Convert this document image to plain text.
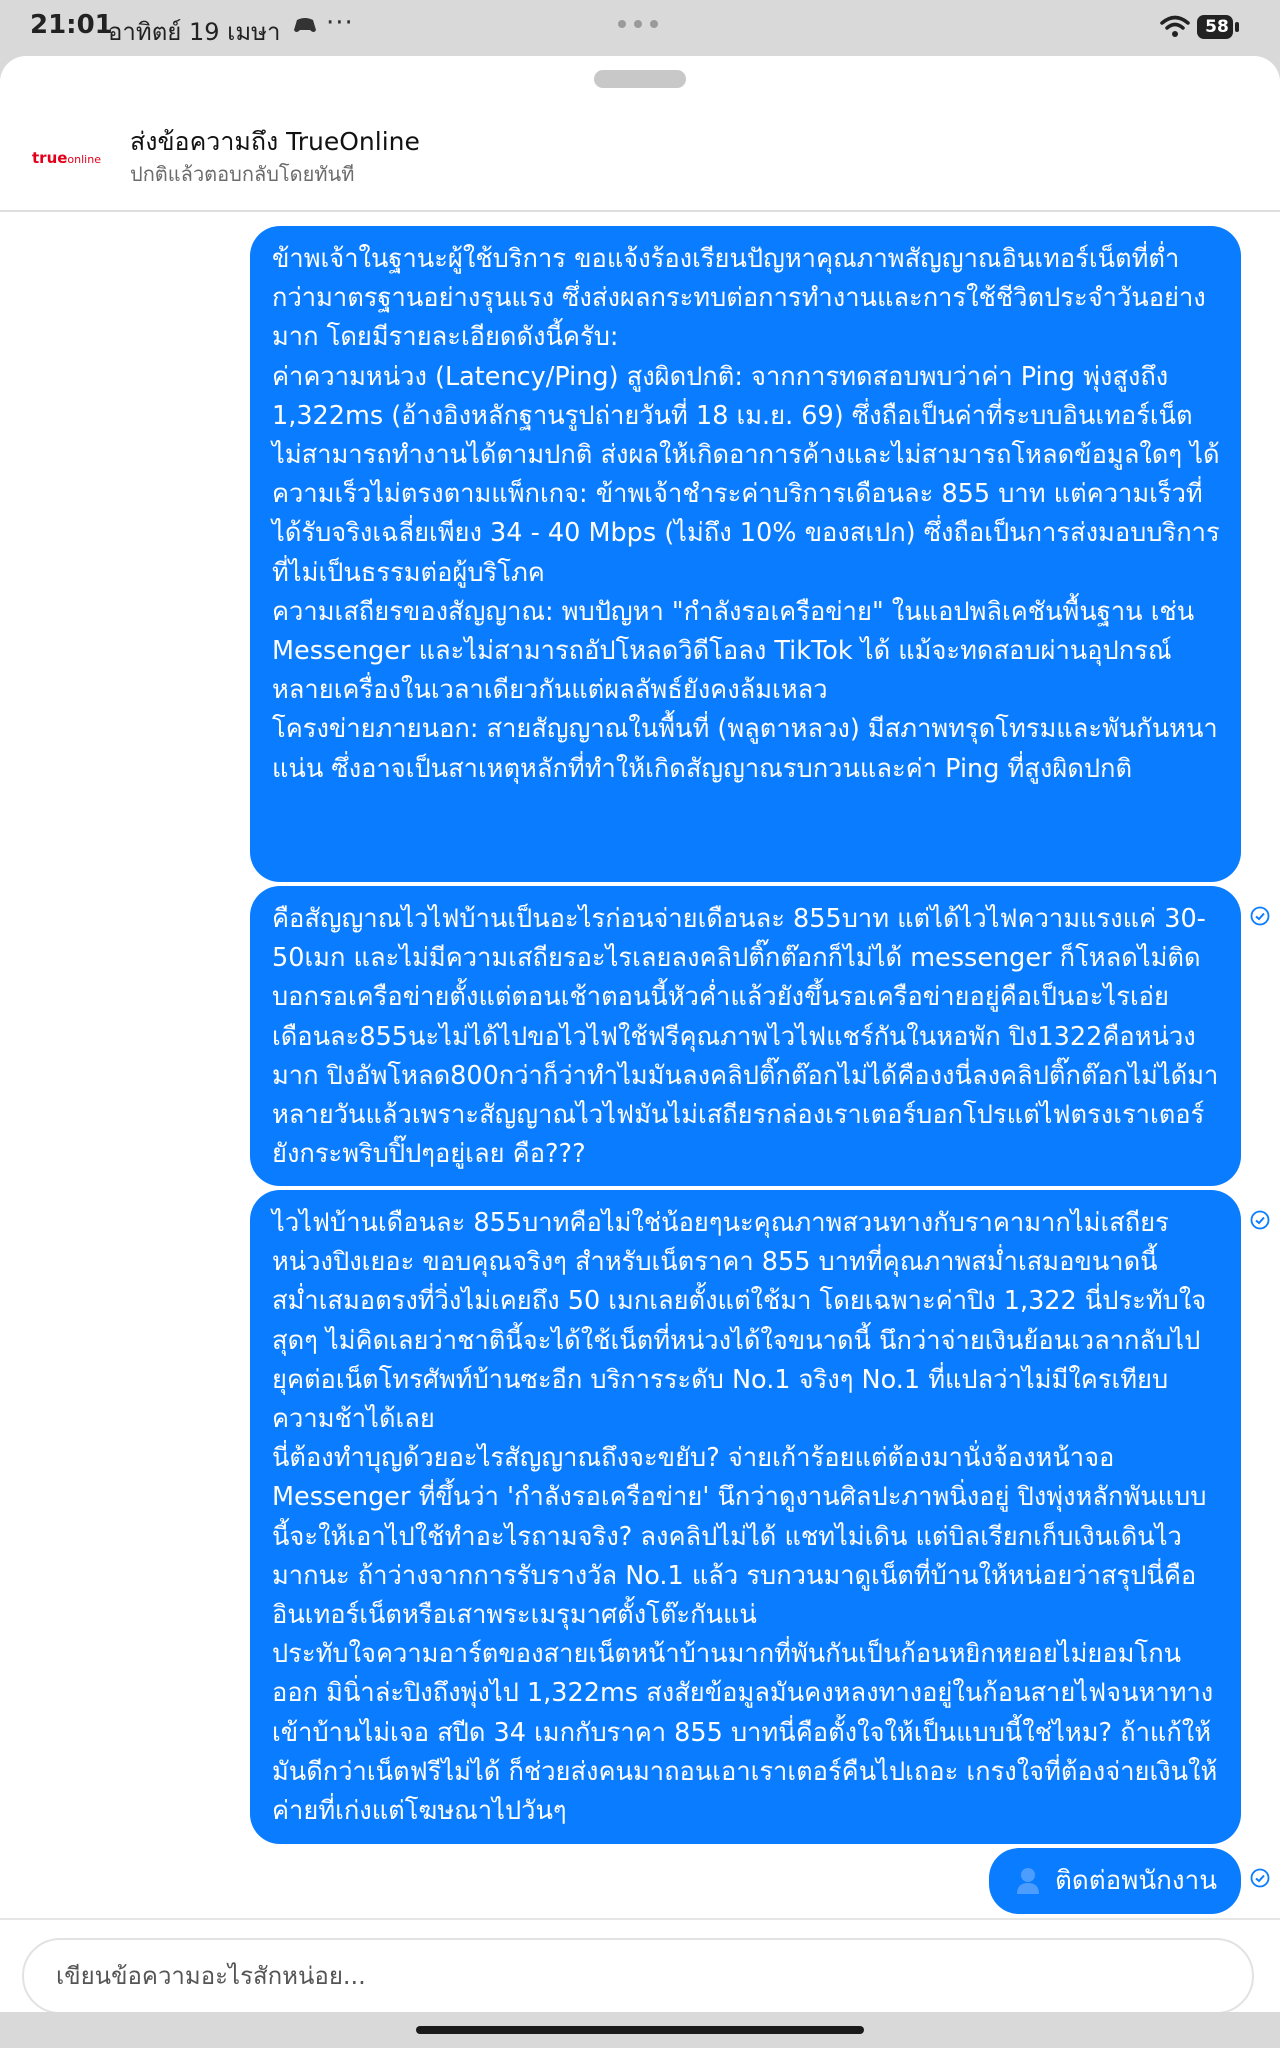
21:01
อาทิตย์ 19 เมษา ···	58
trueonline
ส่งข้อความถึง TrueOnline
ปกติแล้วตอบกลับโดยทันที
ข้าพเจ้าในฐานะผู้ใช้บริการ ขอแจ้งร้องเรียนปัญหาคุณภาพสัญญาณอินเทอร์เน็ตที่ต่ำกว่ามาตรฐานอย่างรุนแรง ซึ่งส่งผลกระทบต่อการทำงานและการใช้ชีวิตประจำวันอย่างมาก โดยมีรายละเอียดดังนี้ครับ:
ค่าความหน่วง (Latency/Ping) สูงผิดปกติ: จากการทดสอบพบว่าค่า Ping พุ่งสูงถึง 1,322ms (อ้างอิงหลักฐานรูปถ่ายวันที่ 18 เม.ย. 69) ซึ่งถือเป็นค่าที่ระบบอินเทอร์เน็ตไม่สามารถทำงานได้ตามปกติ ส่งผลให้เกิดอาการค้างและไม่สามารถโหลดข้อมูลใดๆ ได้
ความเร็วไม่ตรงตามแพ็กเกจ: ข้าพเจ้าชำระค่าบริการเดือนละ 855 บาท แต่ความเร็วที่ได้รับจริงเฉลี่ยเพียง 34 - 40 Mbps (ไม่ถึง 10% ของสเปก) ซึ่งถือเป็นการส่งมอบบริการที่ไม่เป็นธรรมต่อผู้บริโภค
ความเสถียรของสัญญาณ: พบปัญหา "กำลังรอเครือข่าย" ในแอปพลิเคชันพื้นฐาน เช่น Messenger และไม่สามารถอัปโหลดวิดีโอลง TikTok ได้ แม้จะทดสอบผ่านอุปกรณ์หลายเครื่องในเวลาเดียวกันแต่ผลลัพธ์ยังคงล้มเหลว
โครงข่ายภายนอก: สายสัญญาณในพื้นที่ (พลูตาหลวง) มีสภาพทรุดโทรมและพันกันหนาแน่น ซึ่งอาจเป็นสาเหตุหลักที่ทำให้เกิดสัญญาณรบกวนและค่า Ping ที่สูงผิดปกติ
คือสัญญาณไวไฟบ้านเป็นอะไรก่อนจ่ายเดือนละ 855บาท แต่ได้ไวไฟความแรงแค่ 30-50เมก และไม่มีความเสถียรอะไรเลยลงคลิปติ๊กต๊อกก็ไม่ได้ messenger ก็โหลดไม่ติดบอกรอเครือข่ายตั้งแต่ตอนเช้าตอนนี้หัวค่ำแล้วยังขึ้นรอเครือข่ายอยู่คือเป็นอะไรเอ่ยเดือนละ855นะไม่ได้ไปขอไวไฟใช้ฟรีคุณภาพไวไฟแชร์กันในหอพัก ปิง1322คือหน่วงมาก ปิงอัพโหลด800กว่าก็ว่าทำไมมันลงคลิปติ๊กต๊อกไม่ได้คืองงนี่ลงคลิปติ๊กต๊อกไม่ได้มาหลายวันแล้วเพราะสัญญาณไวไฟมันไม่เสถียรกล่องเราเตอร์บอกโปรแต่ไฟตรงเราเตอร์ยังกระพริบปิ๊ปๆอยู่เลย คือ???
ไวไฟบ้านเดือนละ 855บาทคือไม่ใช่น้อยๆนะคุณภาพสวนทางกับราคามากไม่เสถียรหน่วงปิงเยอะ ขอบคุณจริงๆ สำหรับเน็ตราคา 855 บาทที่คุณภาพสม่ำเสมอขนาดนี้ สม่ำเสมอตรงที่วิ่งไม่เคยถึง 50 เมกเลยตั้งแต่ใช้มา โดยเฉพาะค่าปิง 1,322 นี่ประทับใจสุดๆ ไม่คิดเลยว่าชาตินี้จะได้ใช้เน็ตที่หน่วงได้ใจขนาดนี้ นึกว่าจ่ายเงินย้อนเวลากลับไปยุคต่อเน็ตโทรศัพท์บ้านซะอีก บริการระดับ No.1 จริงๆ No.1 ที่แปลว่าไม่มีใครเทียบความช้าได้เลย
นี่ต้องทำบุญด้วยอะไรสัญญาณถึงจะขยับ? จ่ายเก้าร้อยแต่ต้องมานั่งจ้องหน้าจอ Messenger ที่ขึ้นว่า 'กำลังรอเครือข่าย' นึกว่าดูงานศิลปะภาพนิ่งอยู่ ปิงพุ่งหลักพันแบบนี้จะให้เอาไปใช้ทำอะไรถามจริง? ลงคลิปไม่ได้ แชทไม่เดิน แต่บิลเรียกเก็บเงินเดินไวมากนะ ถ้าว่างจากการรับรางวัล No.1 แล้ว รบกวนมาดูเน็ตที่บ้านให้หน่อยว่าสรุปนี่คืออินเทอร์เน็ตหรือเสาพระเมรุมาศตั้งโต๊ะกันแน่
ประทับใจความอาร์ตของสายเน็ตหน้าบ้านมากที่พันกันเป็นก้อนหยิกหยอยไม่ยอมโกนออก มินิ่าล่ะปิงถึงพุ่งไป 1,322ms สงสัยข้อมูลมันคงหลงทางอยู่ในก้อนสายไฟจนหาทางเข้าบ้านไม่เจอ สปีด 34 เมกกับราคา 855 บาทนี่คือตั้งใจให้เป็นแบบนี้ใช่ไหม? ถ้าแก้ให้มันดีกว่าเน็ตฟรีไม่ได้ ก็ช่วยส่งคนมาถอนเอาเราเตอร์คืนไปเถอะ เกรงใจที่ต้องจ่ายเงินให้ค่ายที่เก่งแต่โฆษณาไปวันๆ
ติดต่อพนักงาน
เขียนข้อความอะไรสักหน่อย...
